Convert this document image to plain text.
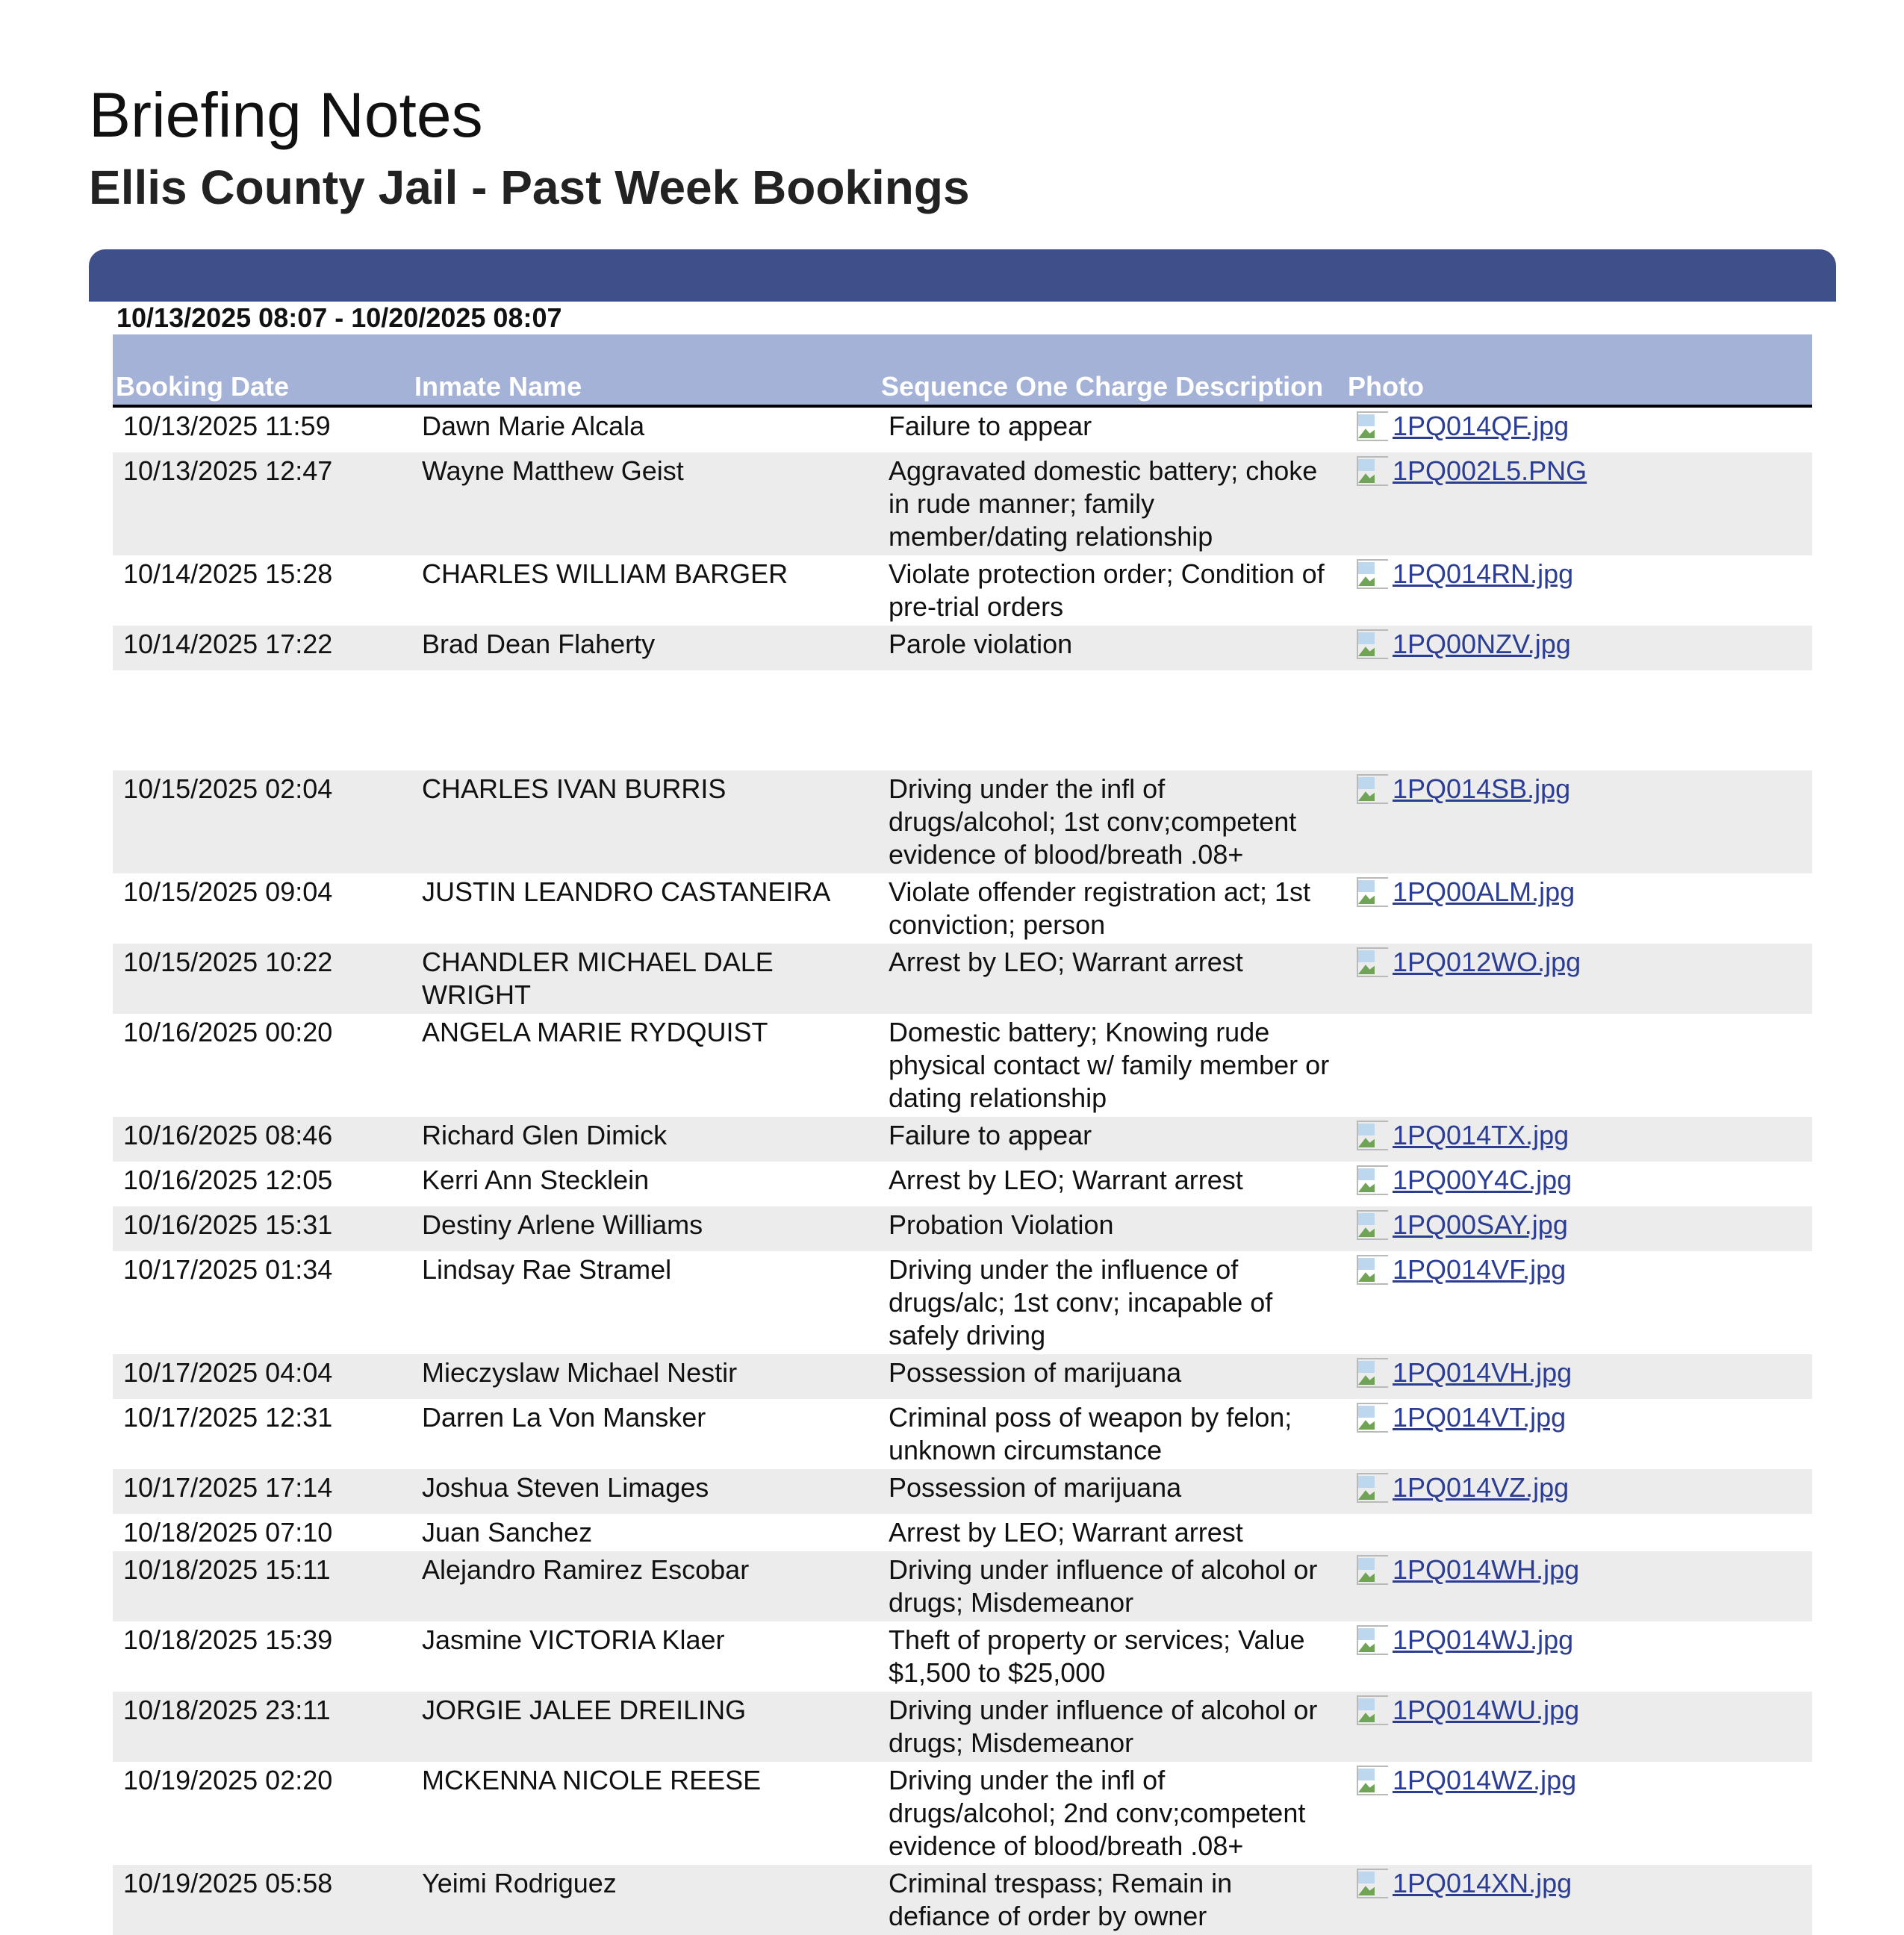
Briefing Notes
Ellis County Jail - Past Week Bookings
10/13/2025 08:07 - 10/20/2025 08:07
Booking Date	Inmate Name	Sequence One Charge Description	Photo
10/13/2025 11:59	Dawn Marie Alcala	Failure to appear	1PQ014QF.jpg

10/13/2025 12:47	Wayne Matthew Geist	Aggravated domestic battery; choke in rude manner; family member/dating relationship	1PQ002L5.PNG

10/14/2025 15:28	CHARLES WILLIAM BARGER	Violate protection order; Condition of pre-trial orders	1PQ014RN.jpg

10/14/2025 17:22	Brad Dean Flaherty	Parole violation	1PQ00NZV.jpg

10/15/2025 02:04	CHARLES IVAN BURRIS	Driving under the infl of drugs/alcohol; 1st conv;competent evidence of blood/breath .08+	1PQ014SB.jpg

10/15/2025 09:04	JUSTIN LEANDRO CASTANEIRA	Violate offender registration act; 1st conviction; person	1PQ00ALM.jpg

10/15/2025 10:22	CHANDLER MICHAEL DALE WRIGHT	Arrest by LEO; Warrant arrest	1PQ012WO.jpg

10/16/2025 00:20	ANGELA MARIE RYDQUIST	Domestic battery; Knowing rude physical contact w/ family member or dating relationship	
10/16/2025 08:46	Richard Glen Dimick	Failure to appear	1PQ014TX.jpg

10/16/2025 12:05	Kerri Ann Stecklein	Arrest by LEO; Warrant arrest	1PQ00Y4C.jpg

10/16/2025 15:31	Destiny Arlene Williams	Probation Violation	1PQ00SAY.jpg

10/17/2025 01:34	Lindsay Rae Stramel	Driving under the influence of drugs/alc; 1st conv; incapable of safely driving	1PQ014VF.jpg

10/17/2025 04:04	Mieczyslaw Michael Nestir	Possession of marijuana	1PQ014VH.jpg

10/17/2025 12:31	Darren La Von Mansker	Criminal poss of weapon by felon; unknown circumstance	1PQ014VT.jpg

10/17/2025 17:14	Joshua Steven Limages	Possession of marijuana	1PQ014VZ.jpg

10/18/2025 07:10	Juan Sanchez	Arrest by LEO; Warrant arrest	
10/18/2025 15:11	Alejandro Ramirez Escobar	Driving under influence of alcohol or drugs; Misdemeanor	1PQ014WH.jpg

10/18/2025 15:39	Jasmine VICTORIA Klaer	Theft of property or services; Value $1,500 to $25,000	1PQ014WJ.jpg

10/18/2025 23:11	JORGIE JALEE DREILING	Driving under influence of alcohol or drugs; Misdemeanor	1PQ014WU.jpg

10/19/2025 02:20	MCKENNA NICOLE REESE	Driving under the infl of drugs/alcohol; 2nd conv;competent evidence of blood/breath .08+	1PQ014WZ.jpg

10/19/2025 05:58	Yeimi Rodriguez	Criminal trespass; Remain in defiance of order by owner	1PQ014XN.jpg
